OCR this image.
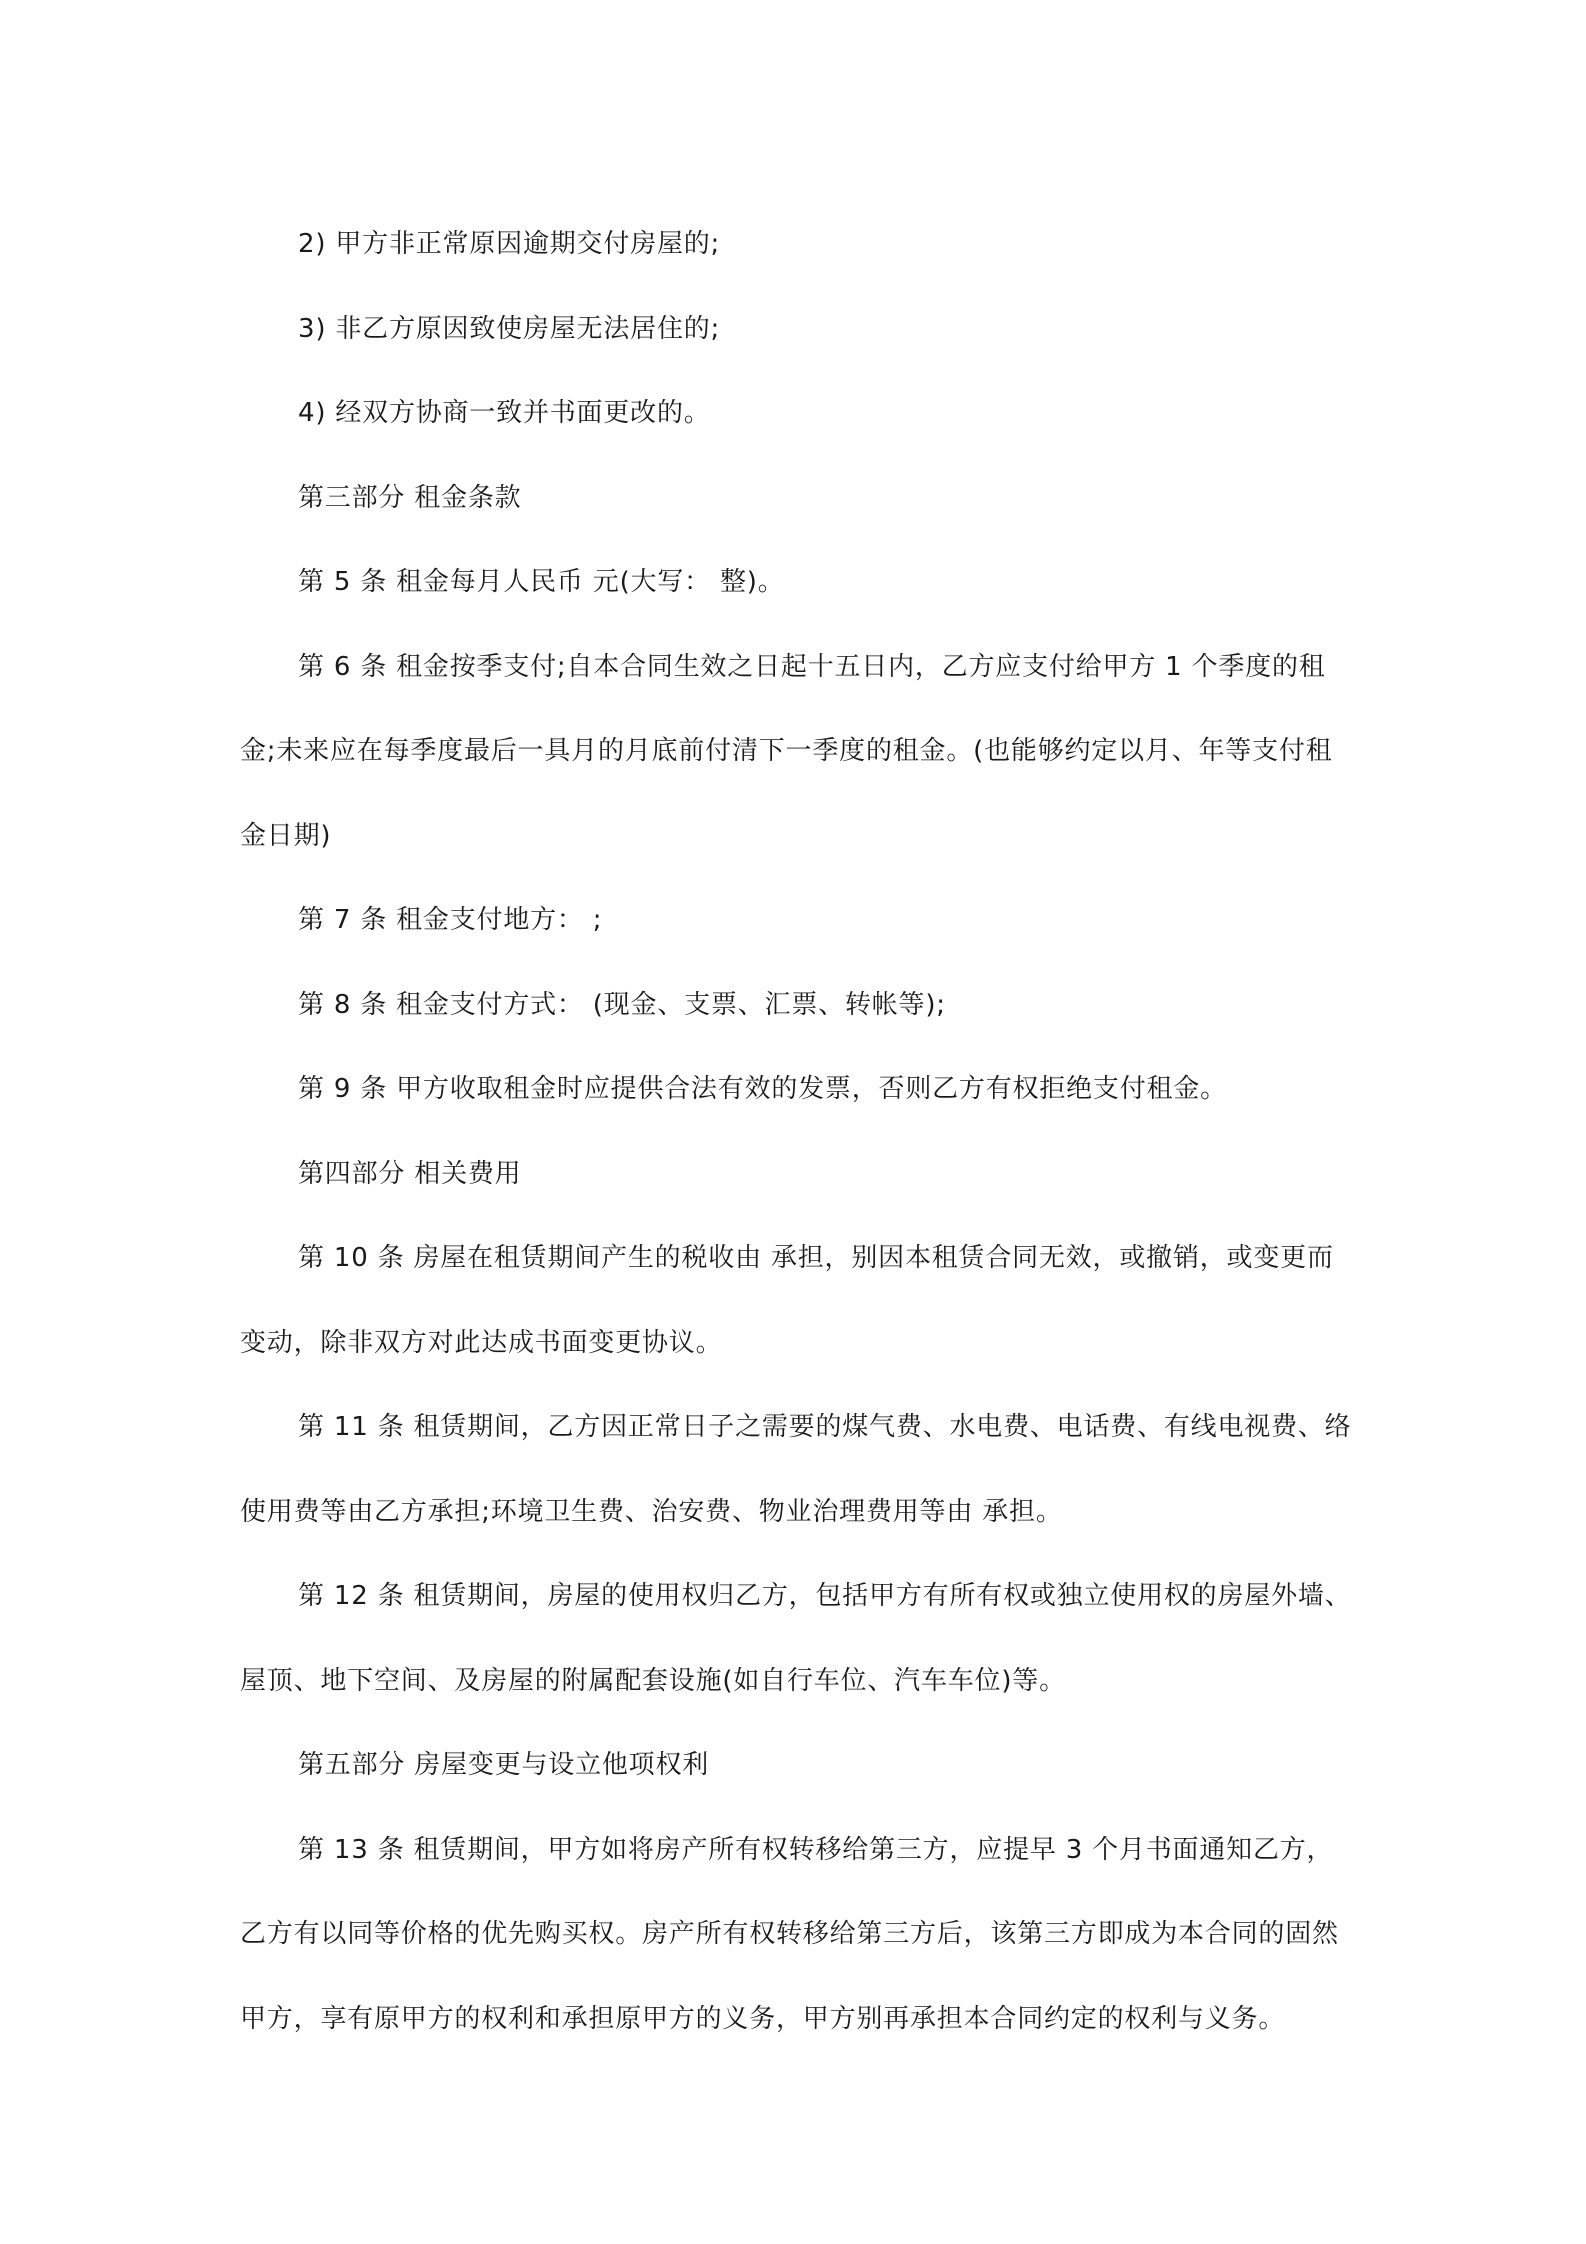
2) 甲方非正常原因逾期交付房屋的;

3) 非乙方原因致使房屋无法居住的;

4) 经双方协商一致并书面更改的。

第三部分 租金条款

第 5 条 租金每月人民币 元(大写： 整)。

第 6 条 租金按季支付;自本合同生效之日起十五日内，乙方应支付给甲方 1 个季度的租金;未来应在每季度最后一具月的月底前付清下一季度的租金。(也能够约定以月、年等支付租金日期)

第 7 条 租金支付地方： ;

第 8 条 租金支付方式： (现金、支票、汇票、转帐等);

第 9 条 甲方收取租金时应提供合法有效的发票，否则乙方有权拒绝支付租金。

第四部分 相关费用

第 10 条 房屋在租赁期间产生的税收由 承担，别因本租赁合同无效，或撤销，或变更而变动，除非双方对此达成书面变更协议。

第 11 条 租赁期间，乙方因正常日子之需要的煤气费、水电费、电话费、有线电视费、络使用费等由乙方承担;环境卫生费、治安费、物业治理费用等由 承担。

第 12 条 租赁期间，房屋的使用权归乙方，包括甲方有所有权或独立使用权的房屋外墙、屋顶、地下空间、及房屋的附属配套设施(如自行车位、汽车车位)等。

第五部分 房屋变更与设立他项权利

第 13 条 租赁期间，甲方如将房产所有权转移给第三方，应提早 3 个月书面通知乙方，乙方有以同等价格的优先购买权。房产所有权转移给第三方后，该第三方即成为本合同的固然甲方，享有原甲方的权利和承担原甲方的义务，甲方别再承担本合同约定的权利与义务。
